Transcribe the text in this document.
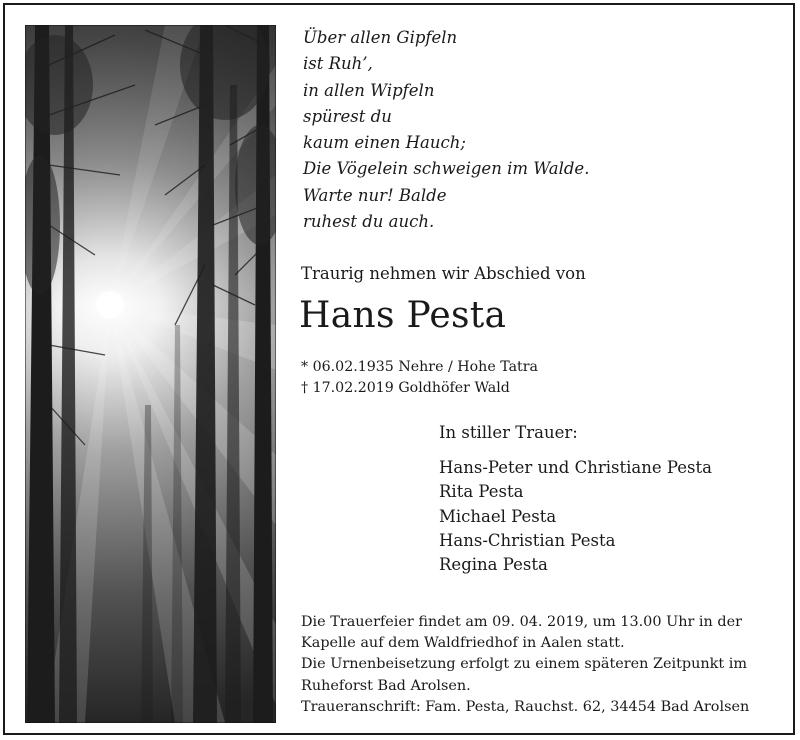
Über allen Gipfeln
ist Ruh’,
in allen Wipfeln
spürest du
kaum einen Hauch;
Die Vögelein schweigen im Walde.
Warte nur! Balde
ruhest du auch.
Traurig nehmen wir Abschied von
Hans Pesta
* 06.02.1935 Nehre / Hohe Tatra
† 17.02.2019 Goldhöfer Wald
In stiller Trauer:
Hans-Peter und Christiane Pesta
Rita Pesta
Michael Pesta
Hans-Christian Pesta
Regina Pesta
Die Trauerfeier findet am 09. 04. 2019, um 13.00 Uhr in der
Kapelle auf dem Waldfriedhof in Aalen statt.
Die Urnenbeisetzung erfolgt zu einem späteren Zeitpunkt im
Ruheforst Bad Arolsen.
Traueranschrift: Fam. Pesta, Rauchst. 62, 34454 Bad Arolsen
